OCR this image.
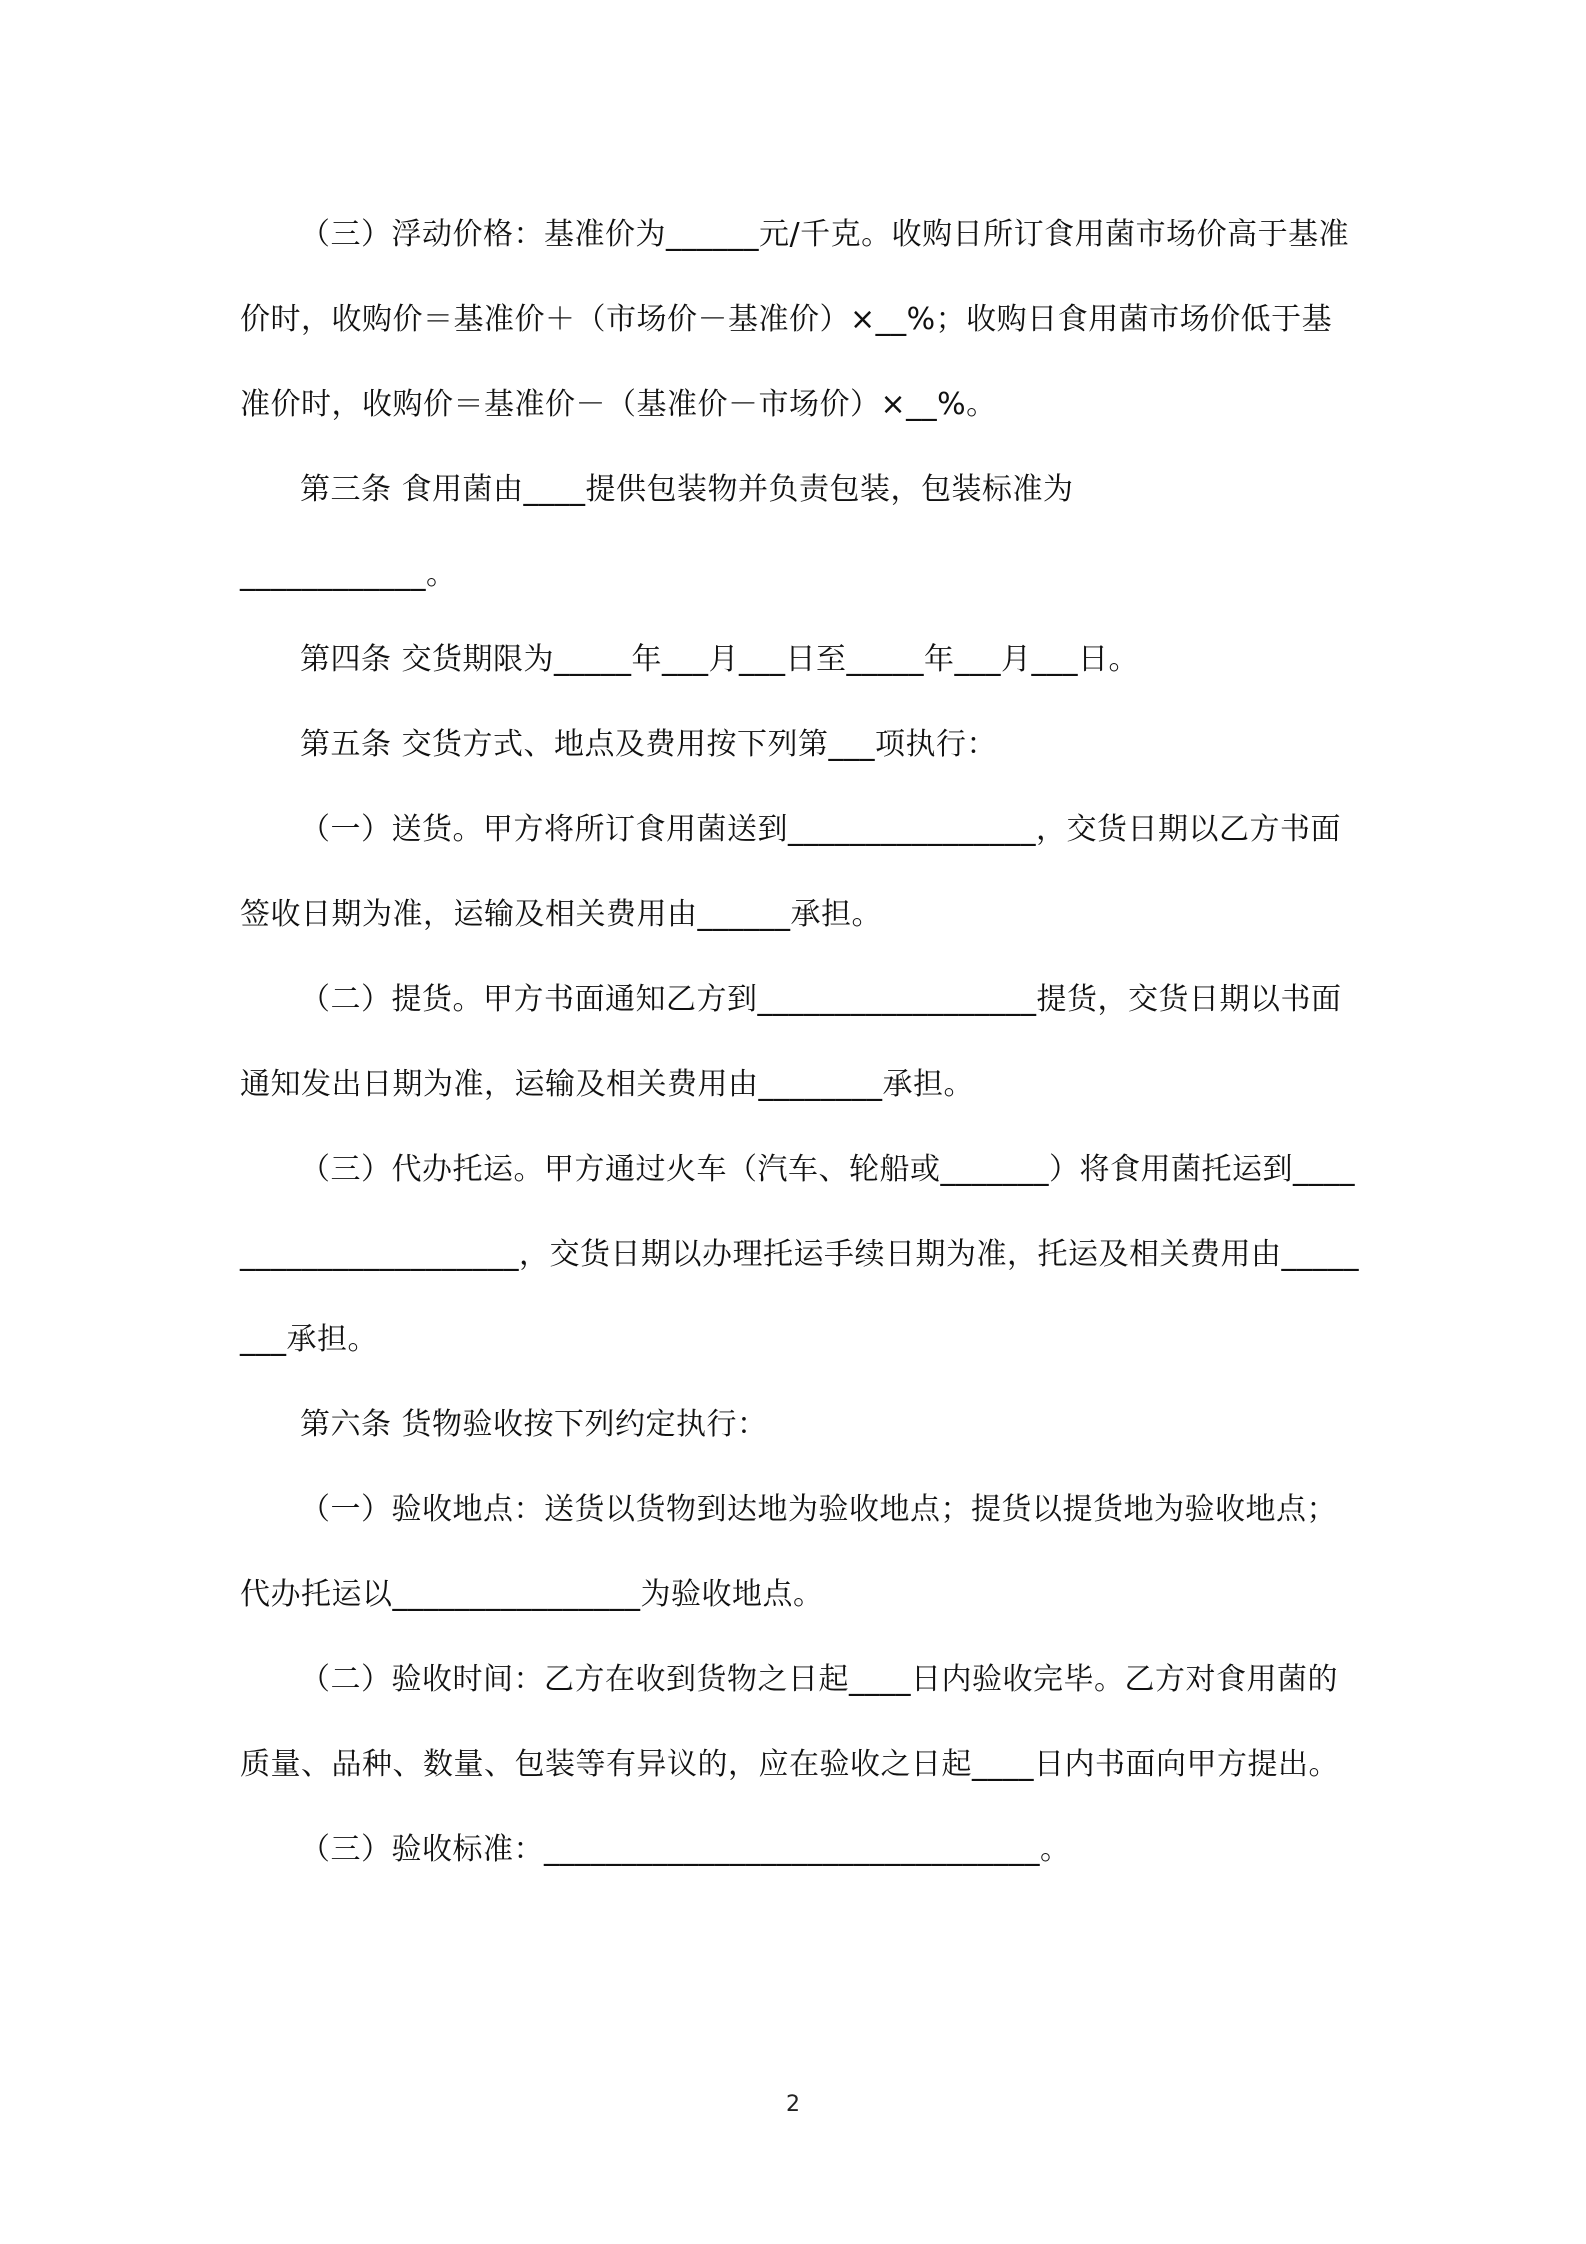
（三）浮动价格：基准价为______元/千克。收购日所订食用菌市场价高于基准价时，收购价＝基准价＋（市场价－基准价）×__%；收购日食用菌市场价低于基准价时，收购价＝基准价－（基准价－市场价）×__%。

第三条 食用菌由____提供包装物并负责包装，包装标准为

____________。

第四条 交货期限为_____年___月___日至_____年___月___日。

第五条 交货方式、地点及费用按下列第___项执行：

（一）送货。甲方将所订食用菌送到________________，交货日期以乙方书面签收日期为准，运输及相关费用由______承担。

（二）提货。甲方书面通知乙方到__________________提货，交货日期以书面通知发出日期为准，运输及相关费用由________承担。

（三）代办托运。甲方通过火车（汽车、轮船或_______）将食用菌托运到______________________，交货日期以办理托运手续日期为准，托运及相关费用由________承担。

第六条 货物验收按下列约定执行：

（一）验收地点：送货以货物到达地为验收地点；提货以提货地为验收地点；代办托运以________________为验收地点。

（二）验收时间：乙方在收到货物之日起____日内验收完毕。乙方对食用菌的质量、品种、数量、包装等有异议的，应在验收之日起____日内书面向甲方提出。

（三）验收标准：________________________________。

2
